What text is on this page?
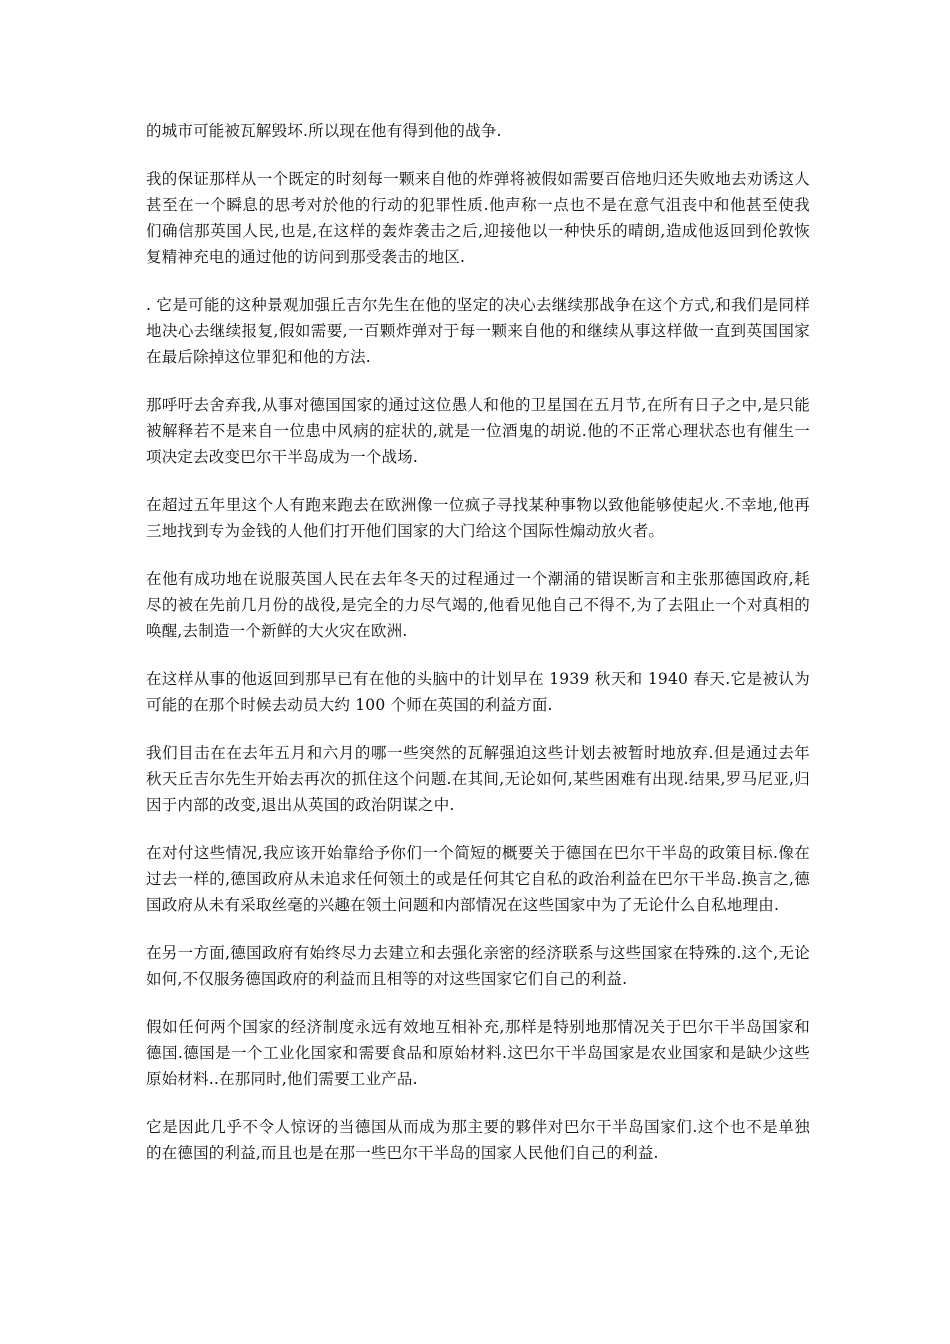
的城市可能被瓦解毁坏.所以现在他有得到他的战争.

我的保证那样从一个既定的时刻每一颗来自他的炸弹将被假如需要百倍地归还失败地去劝诱这人甚至在一个瞬息的思考对於他的行动的犯罪性质.他声称一点也不是在意气沮丧中和他甚至使我们确信那英国人民,也是,在这样的轰炸袭击之后,迎接他以一种快乐的晴朗,造成他返回到伦敦恢复精神充电的通过他的访问到那受袭击的地区.

. 它是可能的这种景观加强丘吉尔先生在他的坚定的决心去继续那战争在这个方式,和我们是同样地决心去继续报复,假如需要,一百颗炸弹对于每一颗来自他的和继续从事这样做一直到英国国家在最后除掉这位罪犯和他的方法.

那呼吁去舍弃我,从事对德国国家的通过这位愚人和他的卫星国在五月节,在所有日子之中,是只能被解释若不是来自一位患中风病的症状的,就是一位酒鬼的胡说.他的不正常心理状态也有催生一项决定去改变巴尔干半岛成为一个战场.

在超过五年里这个人有跑来跑去在欧洲像一位疯子寻找某种事物以致他能够使起火.不幸地,他再三地找到专为金钱的人他们打开他们国家的大门给这个国际性煽动放火者。

在他有成功地在说服英国人民在去年冬天的过程通过一个潮涌的错误断言和主张那德国政府,耗尽的被在先前几月份的战役,是完全的力尽气竭的,他看见他自己不得不,为了去阻止一个对真相的唤醒,去制造一个新鲜的大火灾在欧洲.

在这样从事的他返回到那早已有在他的头脑中的计划早在 1939 秋天和 1940 春天.它是被认为可能的在那个时候去动员大约 100 个师在英国的利益方面.

我们目击在在去年五月和六月的哪一些突然的瓦解强迫这些计划去被暂时地放弃.但是通过去年秋天丘吉尔先生开始去再次的抓住这个问题.在其间,无论如何,某些困难有出现.结果,罗马尼亚,归因于内部的改变,退出从英国的政治阴谋之中.

在对付这些情况,我应该开始靠给予你们一个简短的概要关于德国在巴尔干半岛的政策目标.像在过去一样的,德国政府从未追求任何领土的或是任何其它自私的政治利益在巴尔干半岛.换言之,德国政府从未有采取丝毫的兴趣在领土问题和内部情况在这些国家中为了无论什么自私地理由.

在另一方面,德国政府有始终尽力去建立和去强化亲密的经济联系与这些国家在特殊的.这个,无论如何,不仅服务德国政府的利益而且相等的对这些国家它们自己的利益.

假如任何两个国家的经济制度永远有效地互相补充,那样是特别地那情况关于巴尔干半岛国家和德国.德国是一个工业化国家和需要食品和原始材料.这巴尔干半岛国家是农业国家和是缺少这些原始材料..在那同时,他们需要工业产品.

它是因此几乎不令人惊讶的当德国从而成为那主要的夥伴对巴尔干半岛国家们.这个也不是单独的在德国的利益,而且也是在那一些巴尔干半岛的国家人民他们自己的利益.
